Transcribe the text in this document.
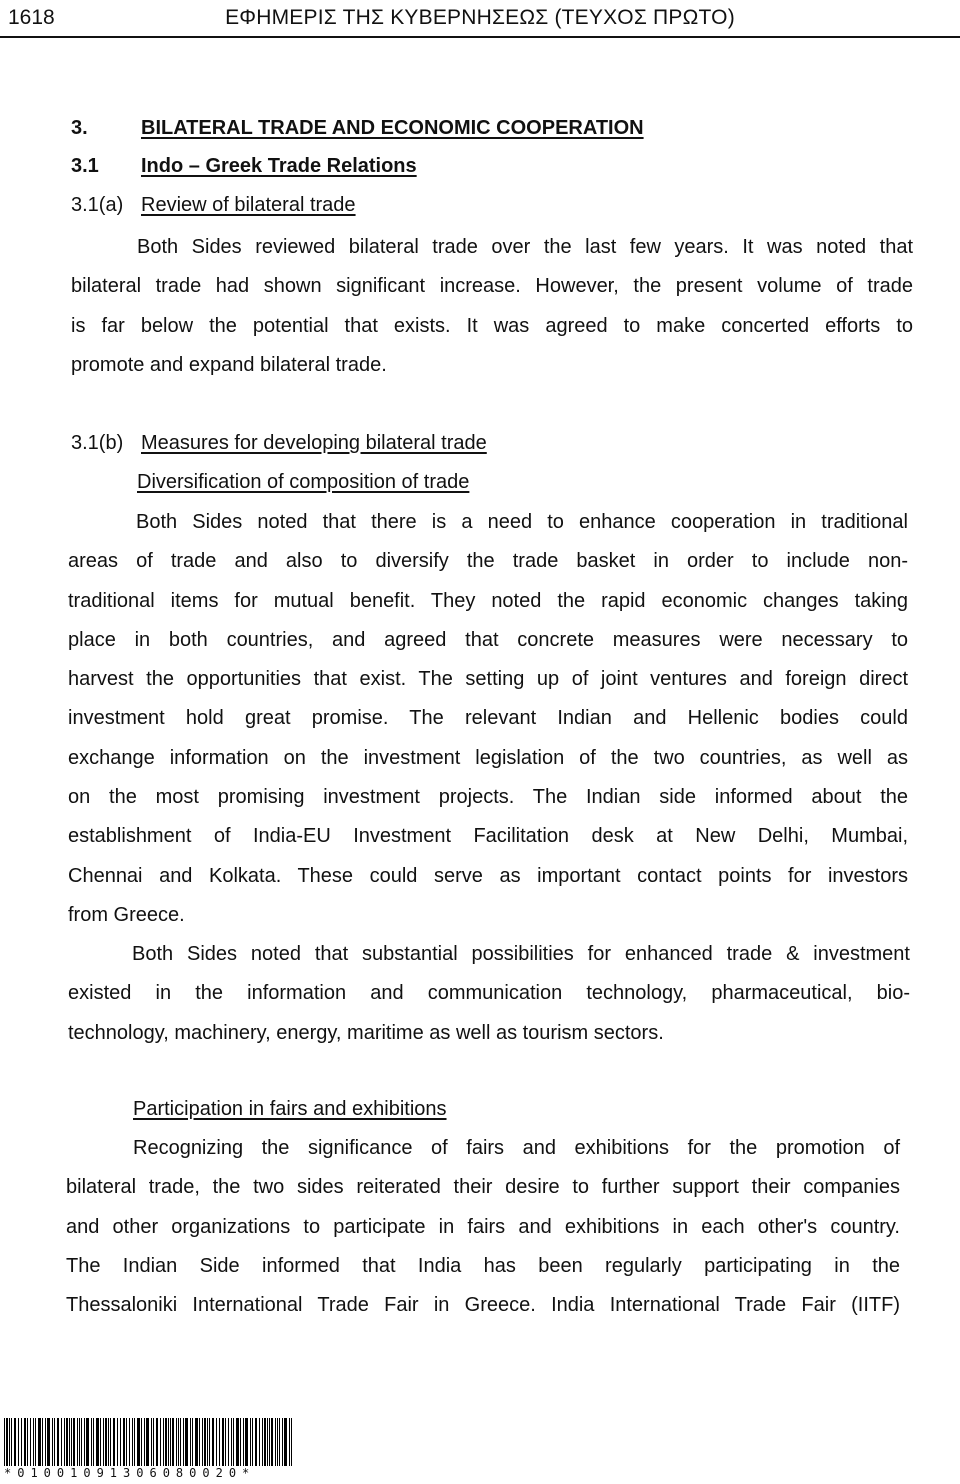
1618	ΕΦΗΜΕΡΙΣ ΤΗΣ ΚΥΒΕΡΝΗΣΕΩΣ (ΤΕΥΧΟΣ ΠΡΩΤΟ)
3.	BILATERAL TRADE AND ECONOMIC COOPERATION
3.1 Indo – Greek Trade Relations
3.1(a) Review of bilateral trade
Both Sides reviewed bilateral trade over the last few years. It was noted that
bilateral trade had shown significant increase. However, the present volume of trade
is far below the potential that exists. It was agreed to make concerted efforts to
promote and expand bilateral trade.
3.1(b) Measures for developing bilateral trade
Diversification of composition of trade
Both Sides noted that there is a need to enhance cooperation in traditional
areas of trade and also to diversify the trade basket in order to include non-
traditional items for mutual benefit. They noted the rapid economic changes taking
place in both countries, and agreed that concrete measures were necessary to
harvest the opportunities that exist. The setting up of joint ventures and foreign direct
investment hold great promise. The relevant Indian and Hellenic bodies could
exchange information on the investment legislation of the two countries, as well as
on the most promising investment projects. The Indian side informed about the
establishment of India-EU Investment Facilitation desk at New Delhi, Mumbai,
Chennai and Kolkata. These could serve as important contact points for investors
from Greece.
Both Sides noted that substantial possibilities for enhanced trade & investment
existed in the information and communication technology, pharmaceutical, bio-
technology, machinery, energy, maritime as well as tourism sectors.
Participation in fairs and exhibitions
Recognizing the significance of fairs and exhibitions for the promotion of
bilateral trade, the two sides reiterated their desire to further support their companies
and other organizations to participate in fairs and exhibitions in each other's country.
The Indian Side informed that India has been regularly participating in the
Thessaloniki International Trade Fair in Greece. India International Trade Fair (IITF)
*01001091306080020*
